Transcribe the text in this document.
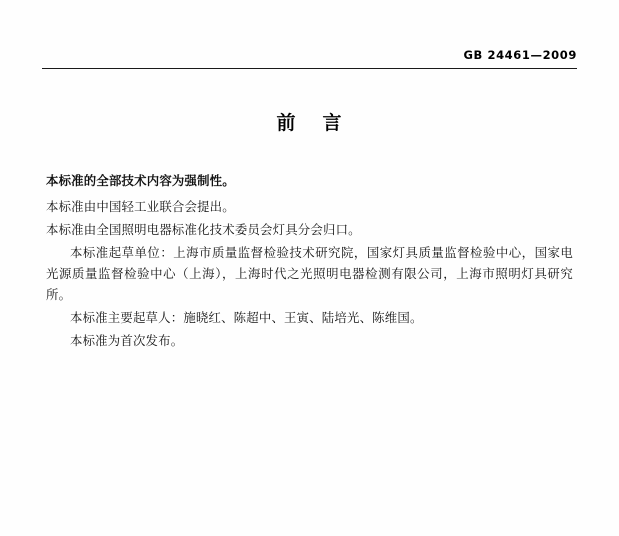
GB 24461—2009
前 言

本标准的全部技术内容为强制性。

本标准由中国轻工业联合会提出。

本标准由全国照明电器标准化技术委员会灯具分会归口。

本标准起草单位：上海市质量监督检验技术研究院，国家灯具质量监督检验中心，国家电光源质量监督检验中心（上海），上海时代之光照明电器检测有限公司，上海市照明灯具研究所。

本标准主要起草人：施晓红、陈超中、王寅、陆培光、陈维国。

本标准为首次发布。
